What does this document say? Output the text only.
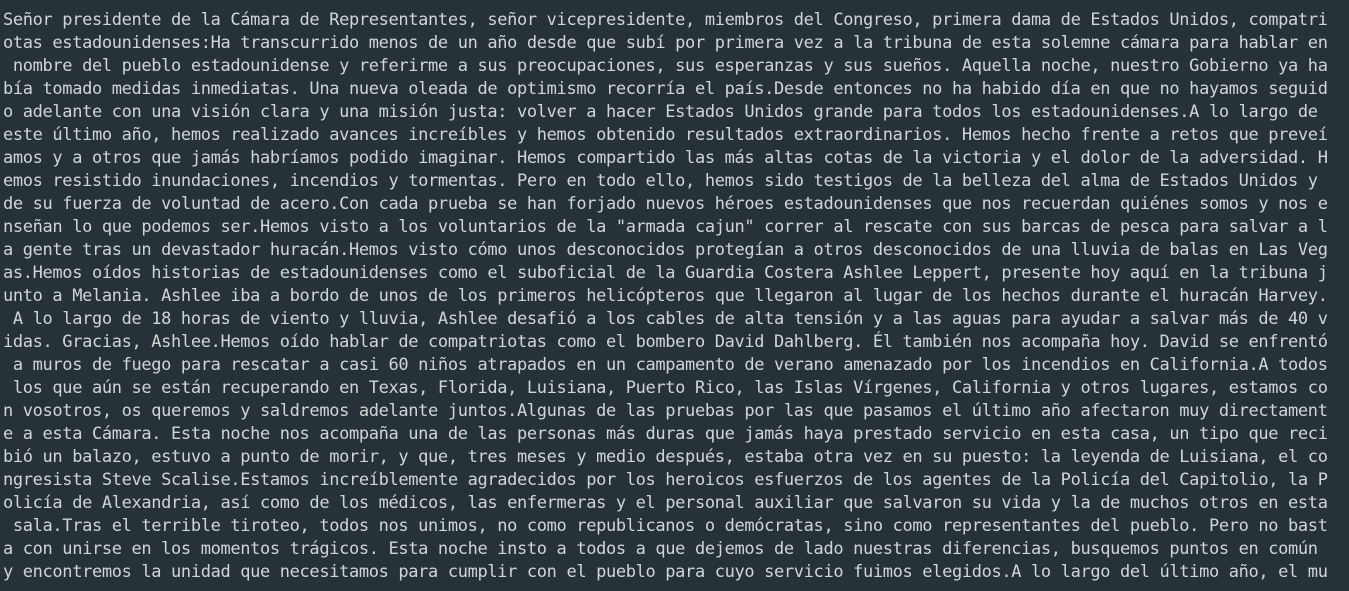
Señor presidente de la Cámara de Representantes, señor vicepresidente, miembros del Congreso, primera dama de Estados Unidos, compatri
otas estadounidenses:Ha transcurrido menos de un año desde que subí por primera vez a la tribuna de esta solemne cámara para hablar en
nombre del pueblo estadounidense y referirme a sus preocupaciones, sus esperanzas y sus sueños. Aquella noche, nuestro Gobierno ya ha
bía tomado medidas inmediatas. Una nueva oleada de optimismo recorría el país.Desde entonces no ha habido día en que no hayamos seguid
o adelante con una visión clara y una misión justa: volver a hacer Estados Unidos grande para todos los estadounidenses.A lo largo de
este último año, hemos realizado avances increíbles y hemos obtenido resultados extraordinarios. Hemos hecho frente a retos que preveí
amos y a otros que jamás habríamos podido imaginar. Hemos compartido las más altas cotas de la victoria y el dolor de la adversidad. H
emos resistido inundaciones, incendios y tormentas. Pero en todo ello, hemos sido testigos de la belleza del alma de Estados Unidos y
de su fuerza de voluntad de acero.Con cada prueba se han forjado nuevos héroes estadounidenses que nos recuerdan quiénes somos y nos e
nseñan lo que podemos ser.Hemos visto a los voluntarios de la "armada cajun" correr al rescate con sus barcas de pesca para salvar a l
a gente tras un devastador huracán.Hemos visto cómo unos desconocidos protegían a otros desconocidos de una lluvia de balas en Las Veg
as.Hemos oídos historias de estadounidenses como el suboficial de la Guardia Costera Ashlee Leppert, presente hoy aquí en la tribuna j
unto a Melania. Ashlee iba a bordo de unos de los primeros helicópteros que llegaron al lugar de los hechos durante el huracán Harvey.
A lo largo de 18 horas de viento y lluvia, Ashlee desafió a los cables de alta tensión y a las aguas para ayudar a salvar más de 40 v
idas. Gracias, Ashlee.Hemos oído hablar de compatriotas como el bombero David Dahlberg. Él también nos acompaña hoy. David se enfrentó
a muros de fuego para rescatar a casi 60 niños atrapados en un campamento de verano amenazado por los incendios en California.A todos
los que aún se están recuperando en Texas, Florida, Luisiana, Puerto Rico, las Islas Vírgenes, California y otros lugares, estamos co
n vosotros, os queremos y saldremos adelante juntos.Algunas de las pruebas por las que pasamos el último año afectaron muy directament
e a esta Cámara. Esta noche nos acompaña una de las personas más duras que jamás haya prestado servicio en esta casa, un tipo que reci
bió un balazo, estuvo a punto de morir, y que, tres meses y medio después, estaba otra vez en su puesto: la leyenda de Luisiana, el co
ngresista Steve Scalise.Estamos increíblemente agradecidos por los heroicos esfuerzos de los agentes de la Policía del Capitolio, la P
olicía de Alexandria, así como de los médicos, las enfermeras y el personal auxiliar que salvaron su vida y la de muchos otros en esta
sala.Tras el terrible tiroteo, todos nos unimos, no como republicanos o demócratas, sino como representantes del pueblo. Pero no bast
a con unirse en los momentos trágicos. Esta noche insto a todos a que dejemos de lado nuestras diferencias, busquemos puntos en común
y encontremos la unidad que necesitamos para cumplir con el pueblo para cuyo servicio fuimos elegidos.A lo largo del último año, el mu
